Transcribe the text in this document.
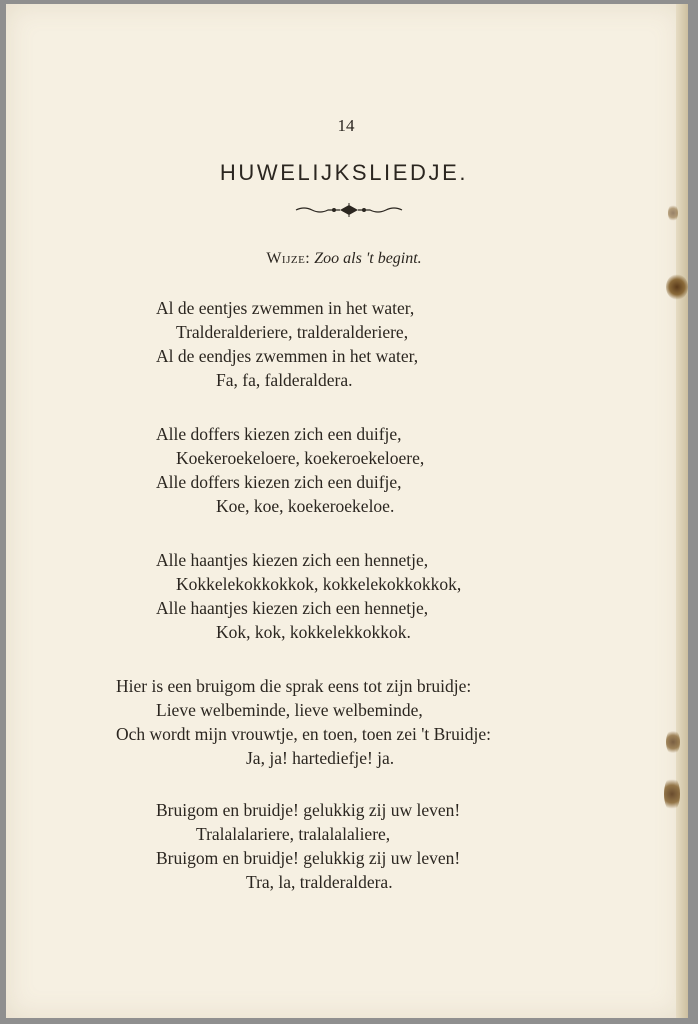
14
HUWELIJKSLIEDJE.
Wijze: Zoo als 't begint.
Al de eentjes zwemmen in het water,
Tralderalderiere, tralderalderiere,
Al de eendjes zwemmen in het water,
Fa, fa, falderaldera.
Alle doffers kiezen zich een duifje,
Koekeroekeloere, koekeroekeloere,
Alle doffers kiezen zich een duifje,
Koe, koe, koekeroekeloe.
Alle haantjes kiezen zich een hennetje,
Kokkelekokkokkok, kokkelekokkokkok,
Alle haantjes kiezen zich een hennetje,
Kok, kok, kokkelekkokkok.
Hier is een bruigom die sprak eens tot zijn bruidje:
Lieve welbeminde, lieve welbeminde,
Och wordt mijn vrouwtje, en toen, toen zei 't Bruidje:
Ja, ja! hartediefje! ja.
Bruigom en bruidje! gelukkig zij uw leven!
Tralalalariere, tralalalaliere,
Bruigom en bruidje! gelukkig zij uw leven!
Tra, la, tralderaldera.
